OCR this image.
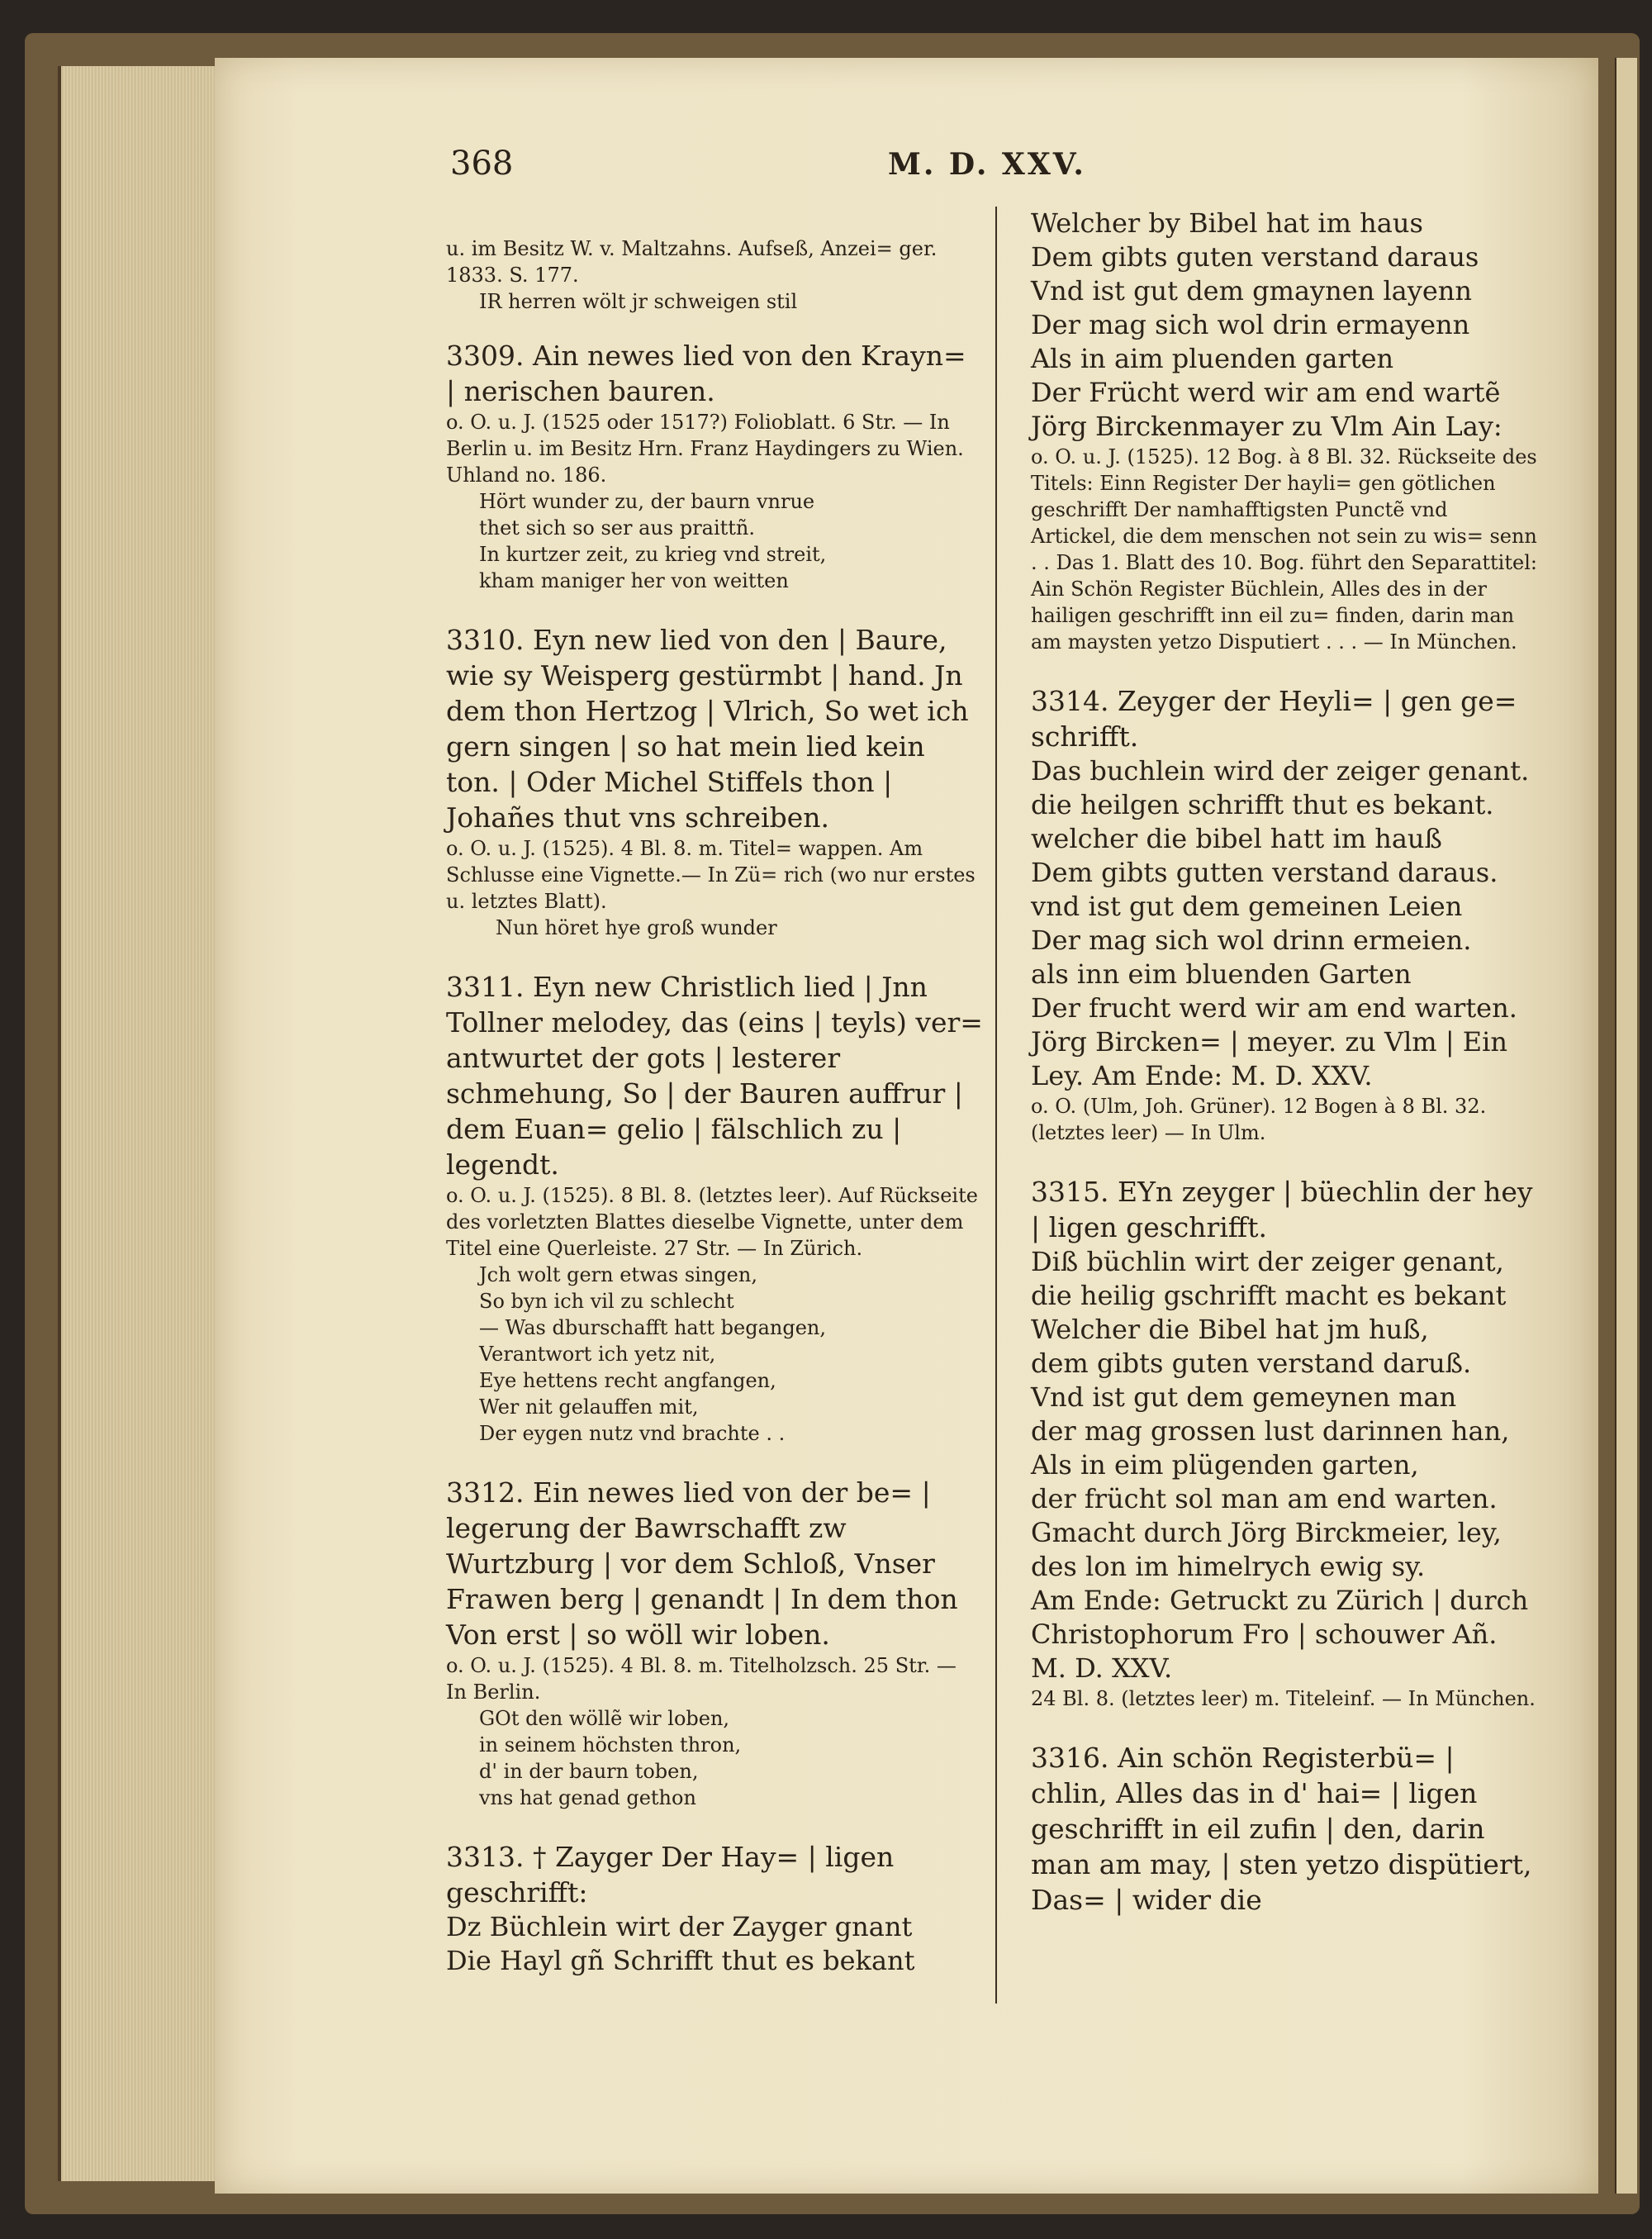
368	M. D. XXV.

u. im Besitz W. v. Maltzahns. Aufseß, Anzei= ger. 1833. S. 177.

IR herren wölt jr schweigen stil

3309. Ain newes lied von den Krayn= | nerischen bauren.

o. O. u. J. (1525 oder 1517?) Folioblatt. 6 Str. — In Berlin u. im Besitz Hrn. Franz Haydingers zu Wien. Uhland no. 186.

Hört wunder zu, der baurn vnrue
thet sich so ser aus praittñ.
In kurtzer zeit, zu krieg vnd streit,
kham maniger her von weitten

3310. Eyn new lied von den | Baure, wie sy Weisperg gestürmbt | hand. Jn dem thon Hertzog | Vlrich, So wet ich gern singen | so hat mein lied kein ton. | Oder Michel Stiffels thon | Johañes thut vns schreiben.

o. O. u. J. (1525). 4 Bl. 8. m. Titel= wappen. Am Schlusse eine Vignette.— In Zü= rich (wo nur erstes u. letztes Blatt).

Nun höret hye groß wunder

3311. Eyn new Christlich lied | Jnn Tollner melodey, das (eins | teyls) ver= antwurtet der gots | lesterer schmehung, So | der Bauren auffrur | dem Euan= gelio | fälschlich zu | legendt.

o. O. u. J. (1525). 8 Bl. 8. (letztes leer). Auf Rückseite des vorletzten Blattes dieselbe Vignette, unter dem Titel eine Querleiste. 27 Str. — In Zürich.

Jch wolt gern etwas singen,
So byn ich vil zu schlecht
— Was dburschafft hatt begangen,
Verantwort ich yetz nit,
Eye hettens recht angfangen,
Wer nit gelauffen mit,
Der eygen nutz vnd brachte . .

3312. Ein newes lied von der be= | legerung der Bawrschafft zw Wurtzburg | vor dem Schloß, Vnser Frawen berg | genandt | In dem thon Von erst | so wöll wir loben.

o. O. u. J. (1525). 4 Bl. 8. m. Titelholzsch. 25 Str. — In Berlin.

GOt den wöllẽ wir loben,
in seinem höchsten thron,
d' in der baurn toben,
vns hat genad gethon

3313. † Zayger Der Hay= | ligen geschrifft:

Dz Büchlein wirt der Zayger gnant
Die Hayl gñ Schrifft thut es bekant

Welcher by Bibel hat im haus
Dem gibts guten verstand daraus
Vnd ist gut dem gmaynen layenn
Der mag sich wol drin ermayenn
Als in aim pluenden garten
Der Frücht werd wir am end wartẽ
Jörg Birckenmayer zu Vlm Ain Lay:

o. O. u. J. (1525). 12 Bog. à 8 Bl. 32. Rückseite des Titels: Einn Register Der hayli= gen götlichen geschrifft Der namhafftigsten Punctẽ vnd Artickel, die dem menschen not sein zu wis= senn . . Das 1. Blatt des 10. Bog. führt den Separattitel: Ain Schön Register Büchlein, Alles des in der hailigen geschrifft inn eil zu= finden, darin man am maysten yetzo Disputiert . . . — In München.

3314. Zeyger der Heyli= | gen ge= schrifft.

Das buchlein wird der zeiger genant.
die heilgen schrifft thut es bekant.
welcher die bibel hatt im hauß
Dem gibts gutten verstand daraus.
vnd ist gut dem gemeinen Leien
Der mag sich wol drinn ermeien.
als inn eim bluenden Garten
Der frucht werd wir am end warten.
Jörg Bircken= | meyer. zu Vlm | Ein Ley. Am Ende: M. D. XXV.

o. O. (Ulm, Joh. Grüner). 12 Bogen à 8 Bl. 32. (letztes leer) — In Ulm.

3315. EYn zeyger | büechlin der hey | ligen geschrifft.

Diß büchlin wirt der zeiger genant,
die heilig gschrifft macht es bekant
Welcher die Bibel hat jm huß,
dem gibts guten verstand daruß.
Vnd ist gut dem gemeynen man
der mag grossen lust darinnen han,
Als in eim plügenden garten,
der frücht sol man am end warten.
Gmacht durch Jörg Birckmeier, ley,
des lon im himelrych ewig sy.
Am Ende: Getruckt zu Zürich | durch Christophorum Fro | schouwer Añ. M. D. XXV.

24 Bl. 8. (letztes leer) m. Titeleinf. — In München.

3316. Ain schön Registerbü= | chlin, Alles das in d' hai= | ligen geschrifft in eil zufin | den, darin man am may, | sten yetzo dispütiert, Das= | wider die
